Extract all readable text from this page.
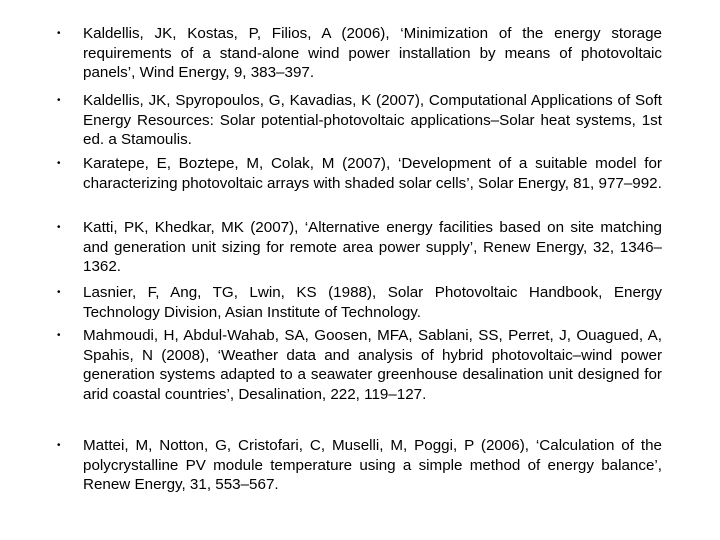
• Kaldellis, JK, Kostas, P, Filios, A (2006), ‘Minimization of the energy storage requirements of a stand-alone wind power installation by means of photovoltaic panels’, Wind Energy, 9, 383–397.
• Kaldellis, JK, Spyropoulos, G, Kavadias, K (2007), Computational Applications of Soft Energy Resources: Solar potential-photovoltaic applications–Solar heat systems, 1st ed. a Stamoulis.
• Karatepe, E, Boztepe, M, Colak, M (2007), ‘Development of a suitable model for characterizing photovoltaic arrays with shaded solar cells’, Solar Energy, 81, 977–992.
• Katti, PK, Khedkar, MK (2007), ‘Alternative energy facilities based on site matching and generation unit sizing for remote area power supply’, Renew Energy, 32, 1346–1362.
• Lasnier, F, Ang, TG, Lwin, KS (1988), Solar Photovoltaic Handbook, Energy Technology Division, Asian Institute of Technology.
• Mahmoudi, H, Abdul-Wahab, SA, Goosen, MFA, Sablani, SS, Perret, J, Ouagued, A, Spahis, N (2008), ‘Weather data and analysis of hybrid photovoltaic–wind power generation systems adapted to a seawater greenhouse desalination unit designed for arid coastal countries’, Desalination, 222, 119–127.
• Mattei, M, Notton, G, Cristofari, C, Muselli, M, Poggi, P (2006), ‘Calculation of the polycrystalline PV module temperature using a simple method of energy balance’, Renew Energy, 31, 553–567.
